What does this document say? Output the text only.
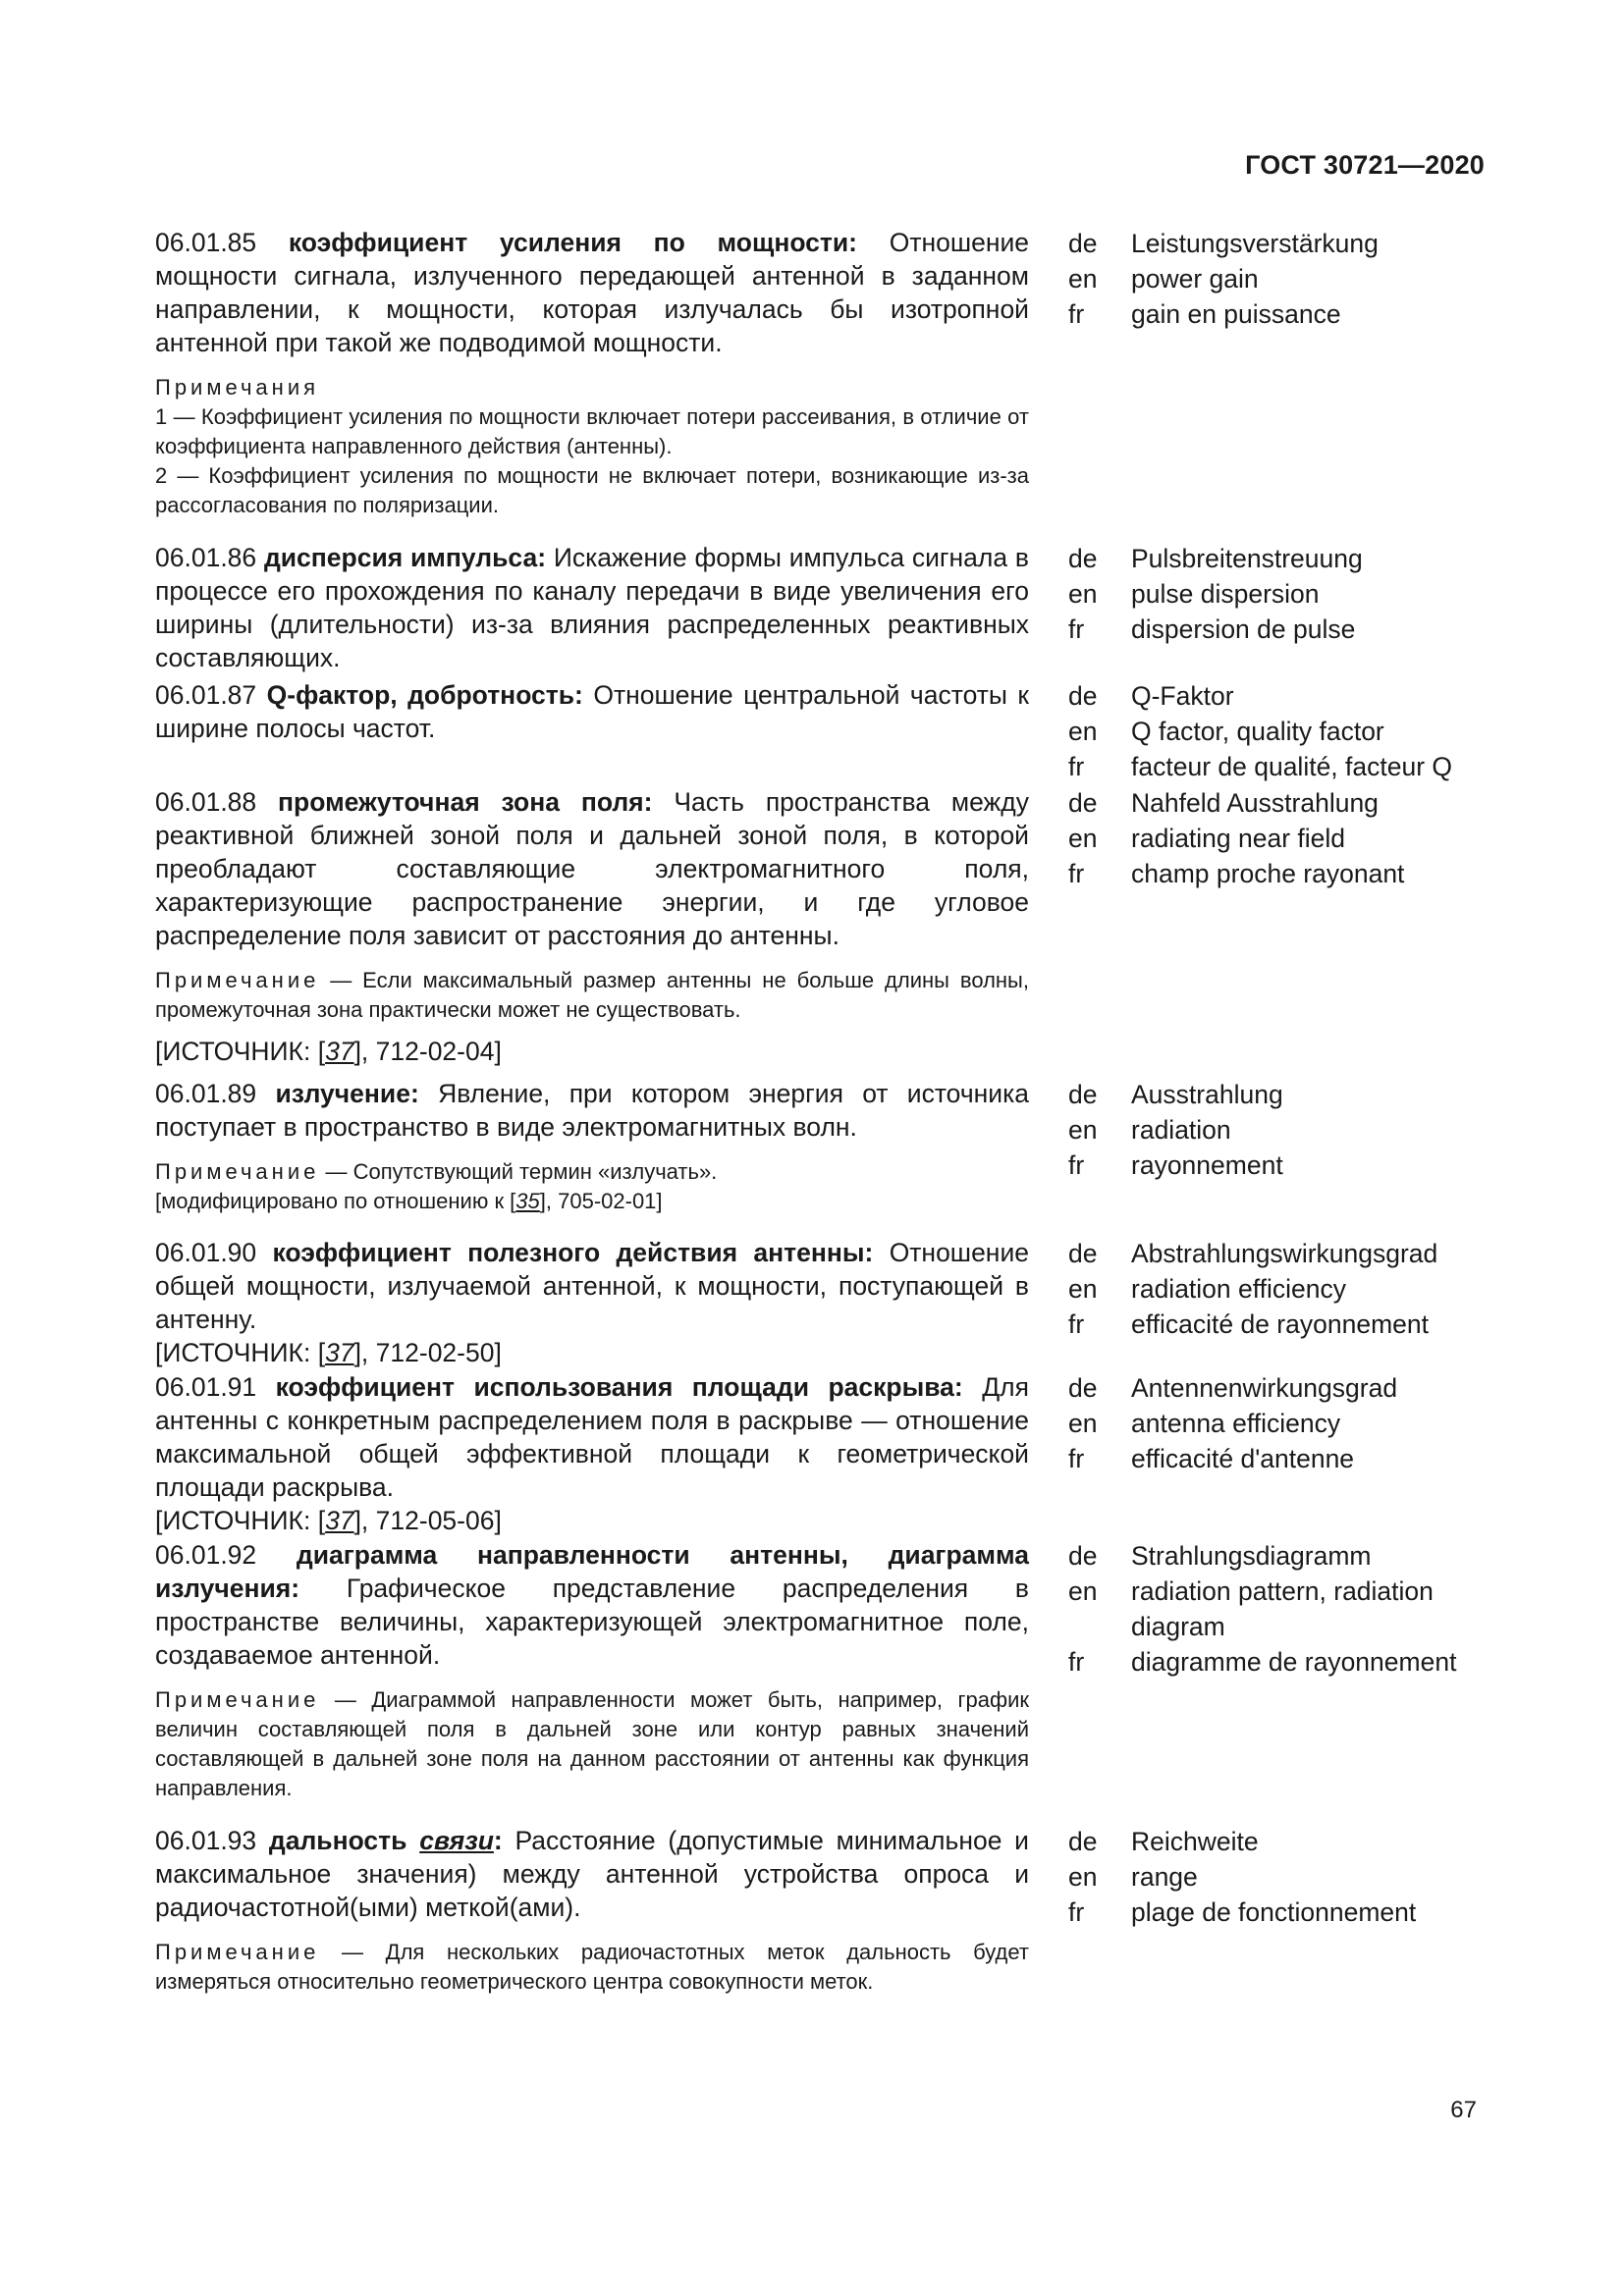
ГОСТ 30721—2020
06.01.85 коэффициент усиления по мощности: Отношение мощности сигнала, излученного передающей антенной в заданном направлении, к мощности, которая излучалась бы изотропной антенной при такой же подводимой мощности.
Примечания
1 — Коэффициент усиления по мощности включает потери рассеивания, в отличие от коэффициента направленного действия (антенны).
2 — Коэффициент усиления по мощности не включает потери, возникающие из-за рассогласования по поляризации.
de	Leistungsverstärkung
en	power gain
fr	gain en puissance
06.01.86 дисперсия импульса: Искажение формы импульса сигнала в процессе его прохождения по каналу передачи в виде увеличения его ширины (длительности) из-за влияния распределенных реактивных составляющих.
de	Pulsbreitenstreuung
en	pulse dispersion
fr	dispersion de pulse
06.01.87 Q-фактор, добротность: Отношение центральной частоты к ширине полосы частот.
de	Q-Faktor
en	Q factor, quality factor
fr	facteur de qualité, facteur Q
06.01.88 промежуточная зона поля: Часть пространства между реактивной ближней зоной поля и дальней зоной поля, в которой преобладают составляющие электромагнитного поля, характеризующие распространение энергии, и где угловое распределение поля зависит от расстояния до антенны.
Примечание — Если максимальный размер антенны не больше длины волны, промежуточная зона практически может не существовать.
[ИСТОЧНИК: [37], 712-02-04]
de	Nahfeld Ausstrahlung
en	radiating near field
fr	champ proche rayonant
06.01.89 излучение: Явление, при котором энергия от источника поступает в пространство в виде электромагнитных волн.
Примечание — Сопутствующий термин «излучать».
[модифицировано по отношению к [35], 705-02-01]
de	Ausstrahlung
en	radiation
fr	rayonnement
06.01.90 коэффициент полезного действия антенны: Отношение общей мощности, излучаемой антенной, к мощности, поступающей в антенну.
[ИСТОЧНИК: [37], 712-02-50]
de	Abstrahlungswirkungsgrad
en	radiation efficiency
fr	efficacité de rayonnement
06.01.91 коэффициент использования площади раскрыва: Для антенны с конкретным распределением поля в раскрыве — отношение максимальной общей эффективной площади к геометрической площади раскрыва.
[ИСТОЧНИК: [37], 712-05-06]
de	Antennenwirkungsgrad
en	antenna efficiency
fr	efficacité d'antenne
06.01.92 диаграмма направленности антенны, диаграмма излучения: Графическое представление распределения в пространстве величины, характеризующей электромагнитное поле, создаваемое антенной.
Примечание — Диаграммой направленности может быть, например, график величин составляющей поля в дальней зоне или контур равных значений составляющей в дальней зоне поля на данном расстоянии от антенны как функция направления.
de	Strahlungsdiagramm
en	radiation pattern, radiation diagram
fr	diagramme de rayonnement
06.01.93 дальность связи: Расстояние (допустимые минимальное и максимальное значения) между антенной устройства опроса и радиочастотной(ыми) меткой(ами).
Примечание — Для нескольких радиочастотных меток дальность будет измеряться относительно геометрического центра совокупности меток.
de	Reichweite
en	range
fr	plage de fonctionnement
67
